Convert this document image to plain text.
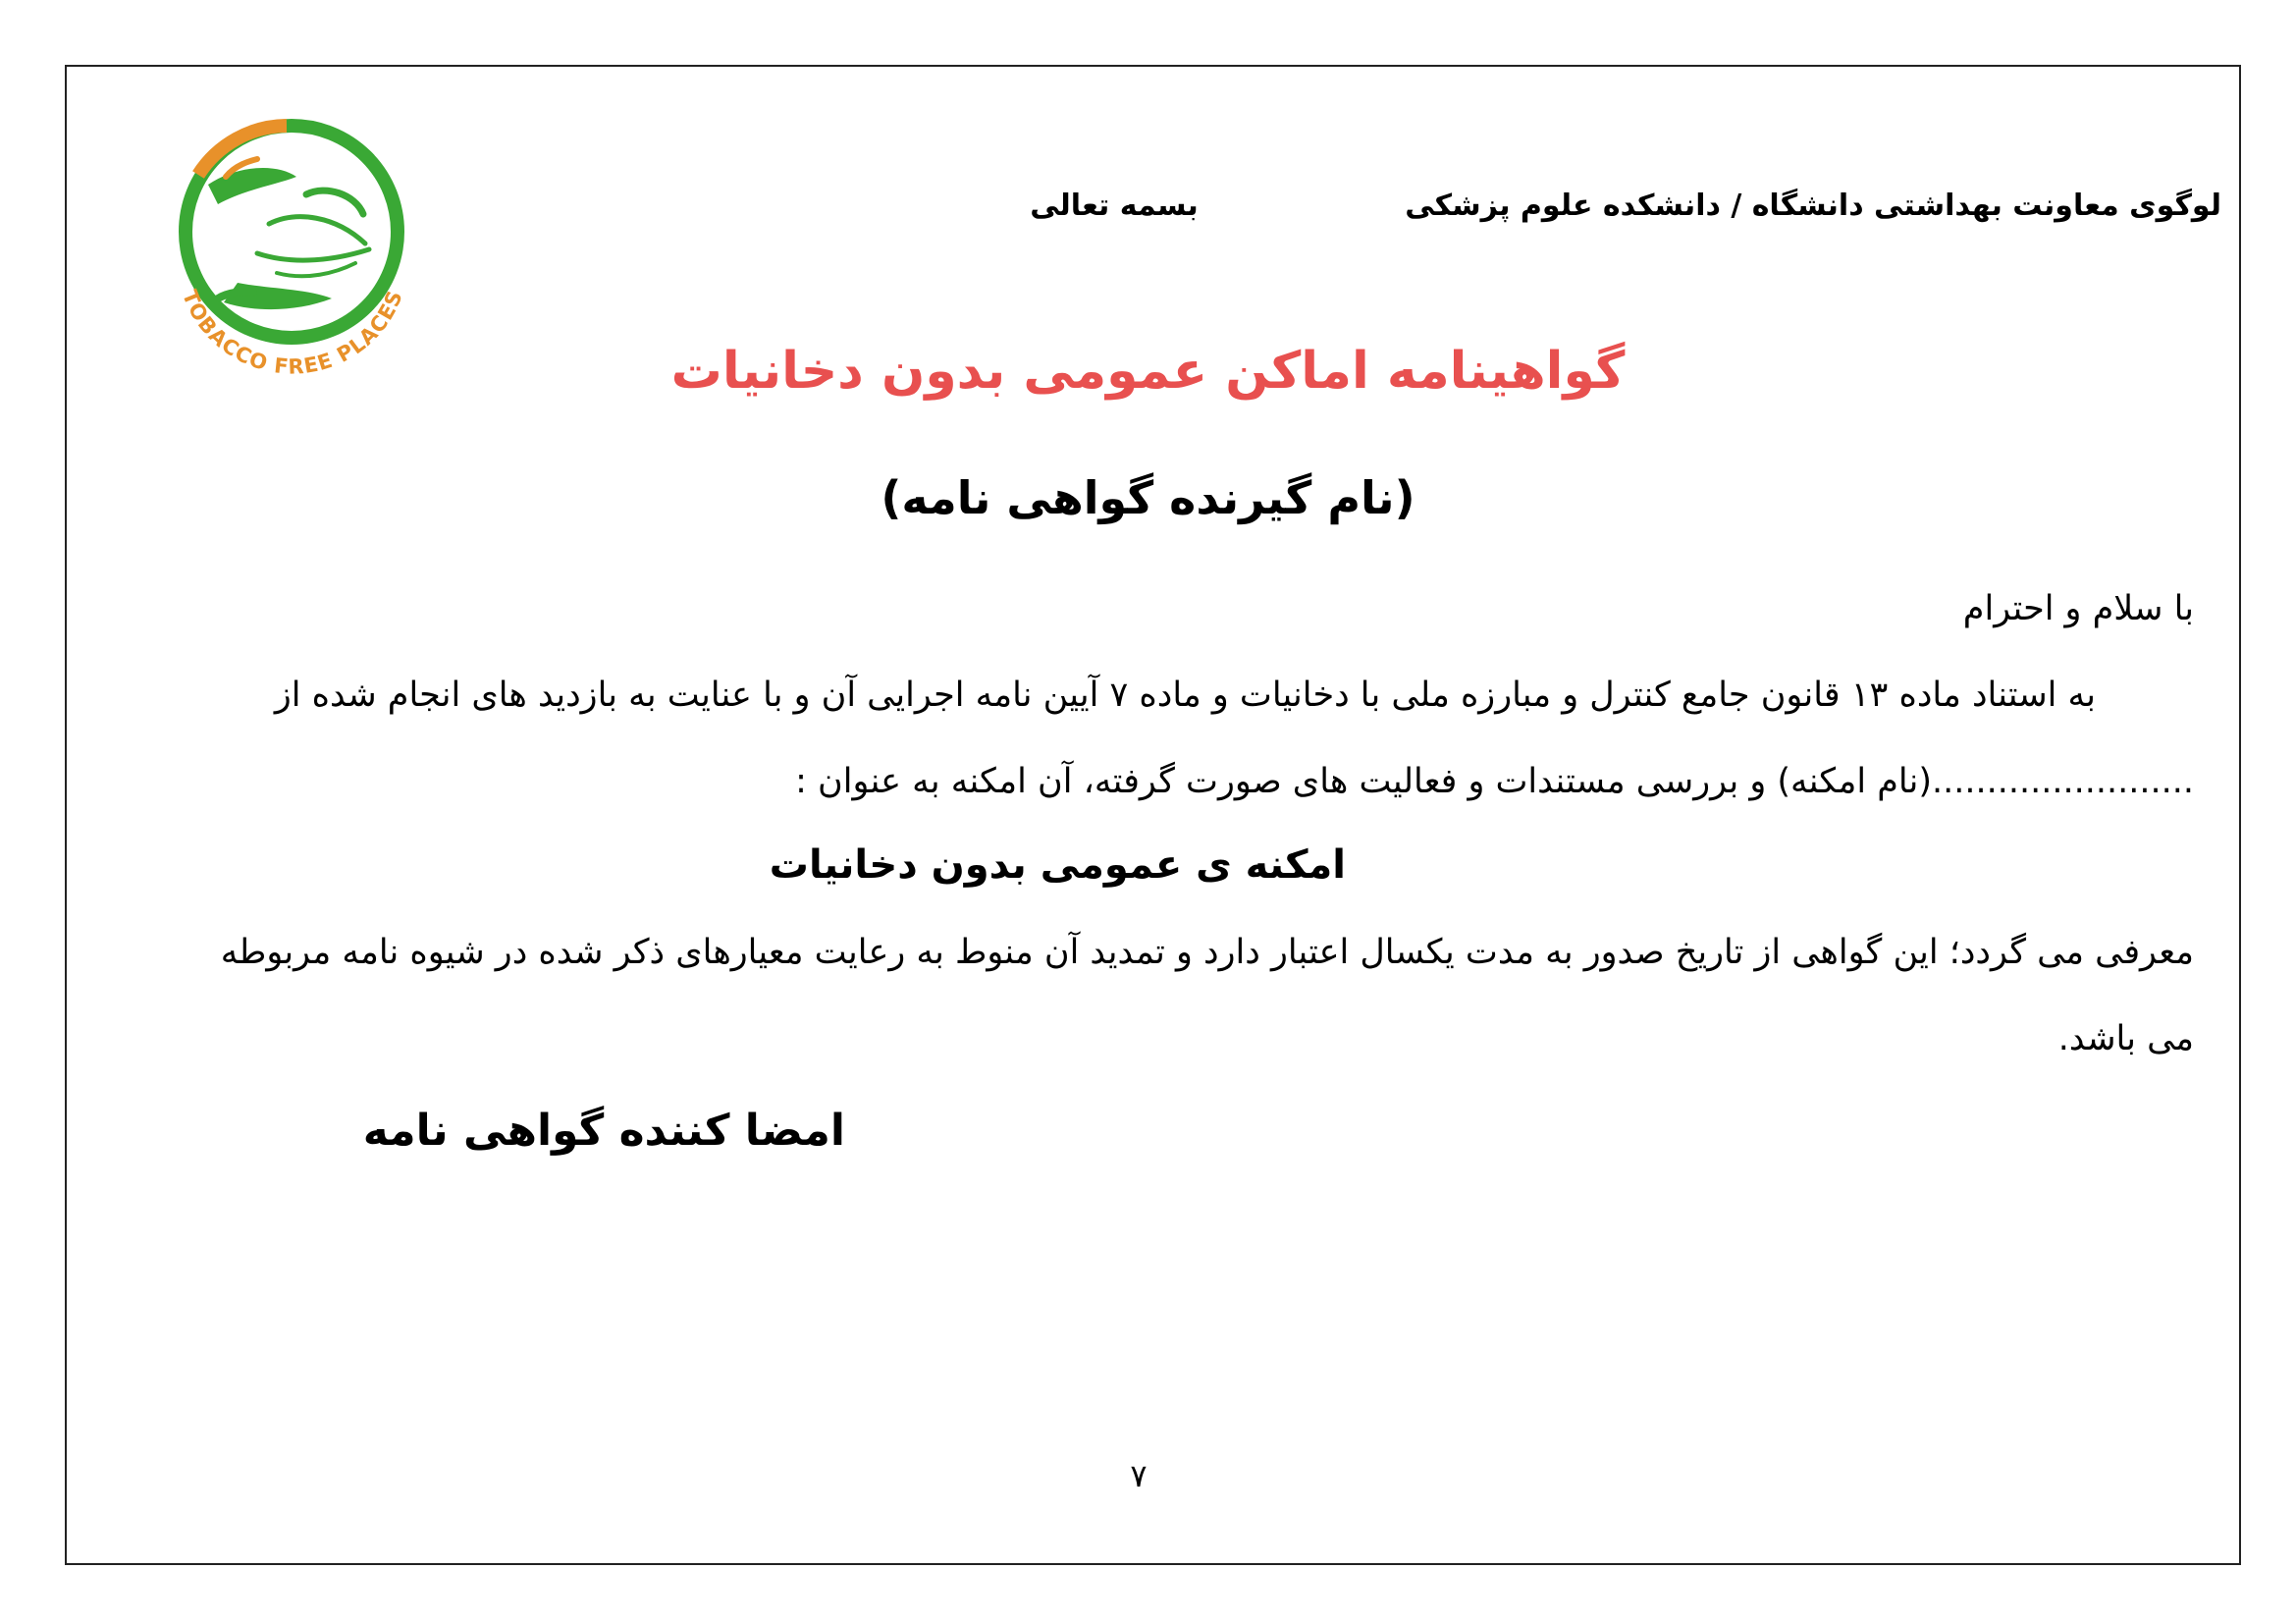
لوگوی معاونت بهداشتی دانشگاه / دانشکده علوم پزشکی
بسمه تعالی
TOBACCO FREE PLACES
گواهینامه اماکن عمومی بدون دخانیات
(نام گیرنده گواهی نامه)
با سلام و احترام
به استناد ماده ۱۳ قانون جامع کنترل و مبارزه ملی با دخانیات و ماده ۷ آیین نامه اجرایی آن و با عنایت به بازدید های انجام شده از
........................(نام امکنه) و بررسی مستندات و فعالیت های صورت گرفته، آن امکنه به عنوان :
امکنه ی عمومی بدون دخانیات
معرفی می گردد؛ این گواهی از تاریخ صدور به مدت یکسال اعتبار دارد و تمدید آن منوط به رعایت معیارهای ذکر شده در شیوه نامه مربوطه
می باشد.
امضا کننده گواهی نامه
۷
